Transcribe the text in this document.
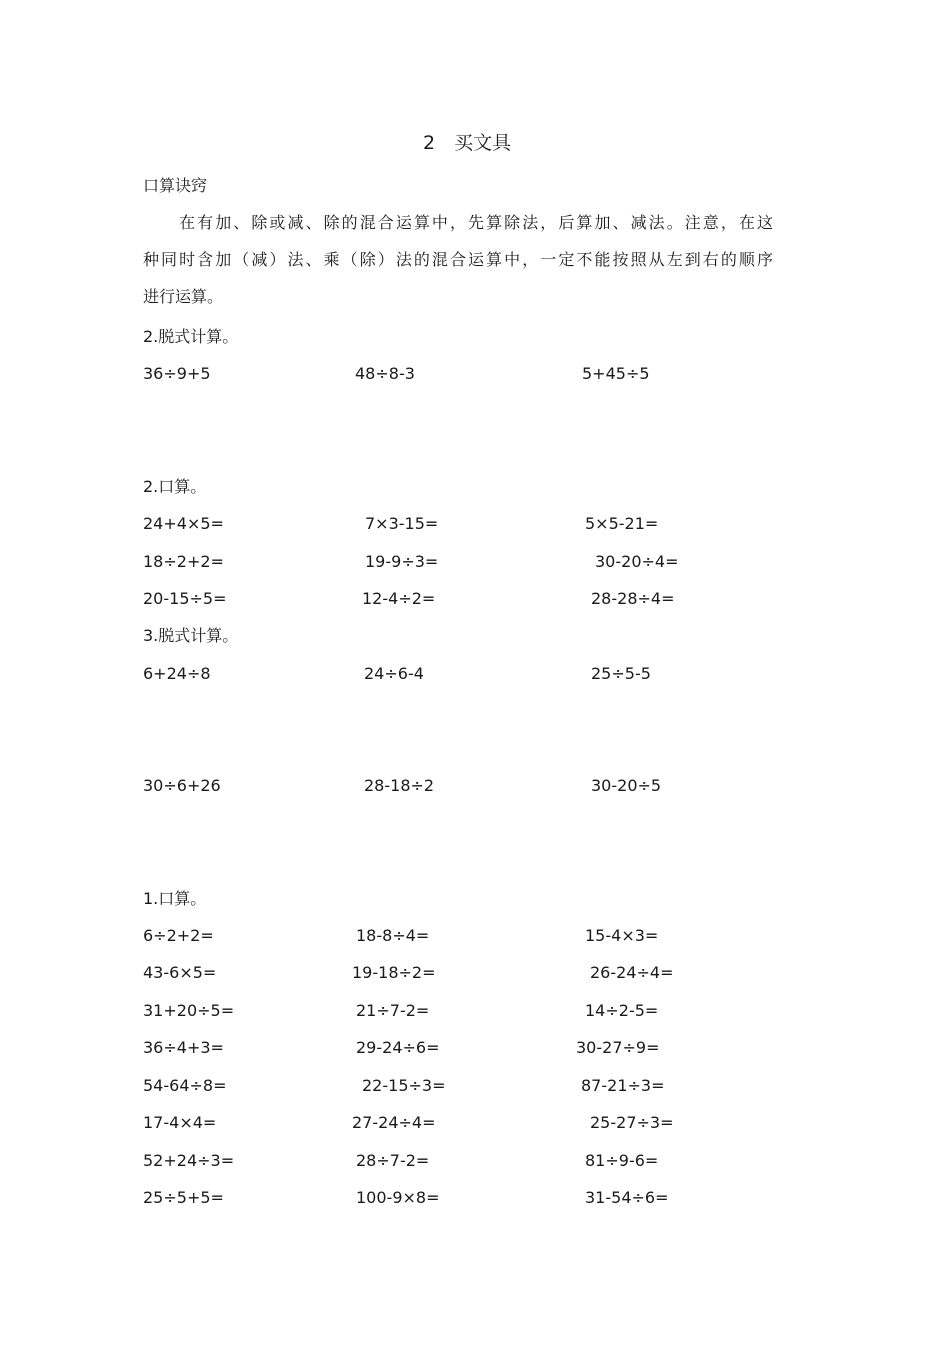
2　买文具
口算诀窍
　　在有加、除或减、除的混合运算中，先算除法，后算加、减法。注意，在这
种同时含加（减）法、乘（除）法的混合运算中，一定不能按照从左到右的顺序
进行运算。
2.脱式计算。
36÷9+5	48÷8-3	5+45÷5
2.口算。
24+4×5=	7×3-15=	5×5-21=
18÷2+2=	19-9÷3=	30-20÷4=
20-15÷5=	12-4÷2=	28-28÷4=
3.脱式计算。
6+24÷8	24÷6-4	25÷5-5
30÷6+26	28-18÷2	30-20÷5
1.口算。
6÷2+2=	18-8÷4=	15-4×3=
43-6×5=	19-18÷2=	26-24÷4=
31+20÷5=	21÷7-2=	14÷2-5=
36÷4+3=	29-24÷6=	30-27÷9=
54-64÷8=	22-15÷3=	87-21÷3=
17-4×4=	27-24÷4=	25-27÷3=
52+24÷3=	28÷7-2=	81÷9-6=
25÷5+5=	100-9×8=	31-54÷6=
